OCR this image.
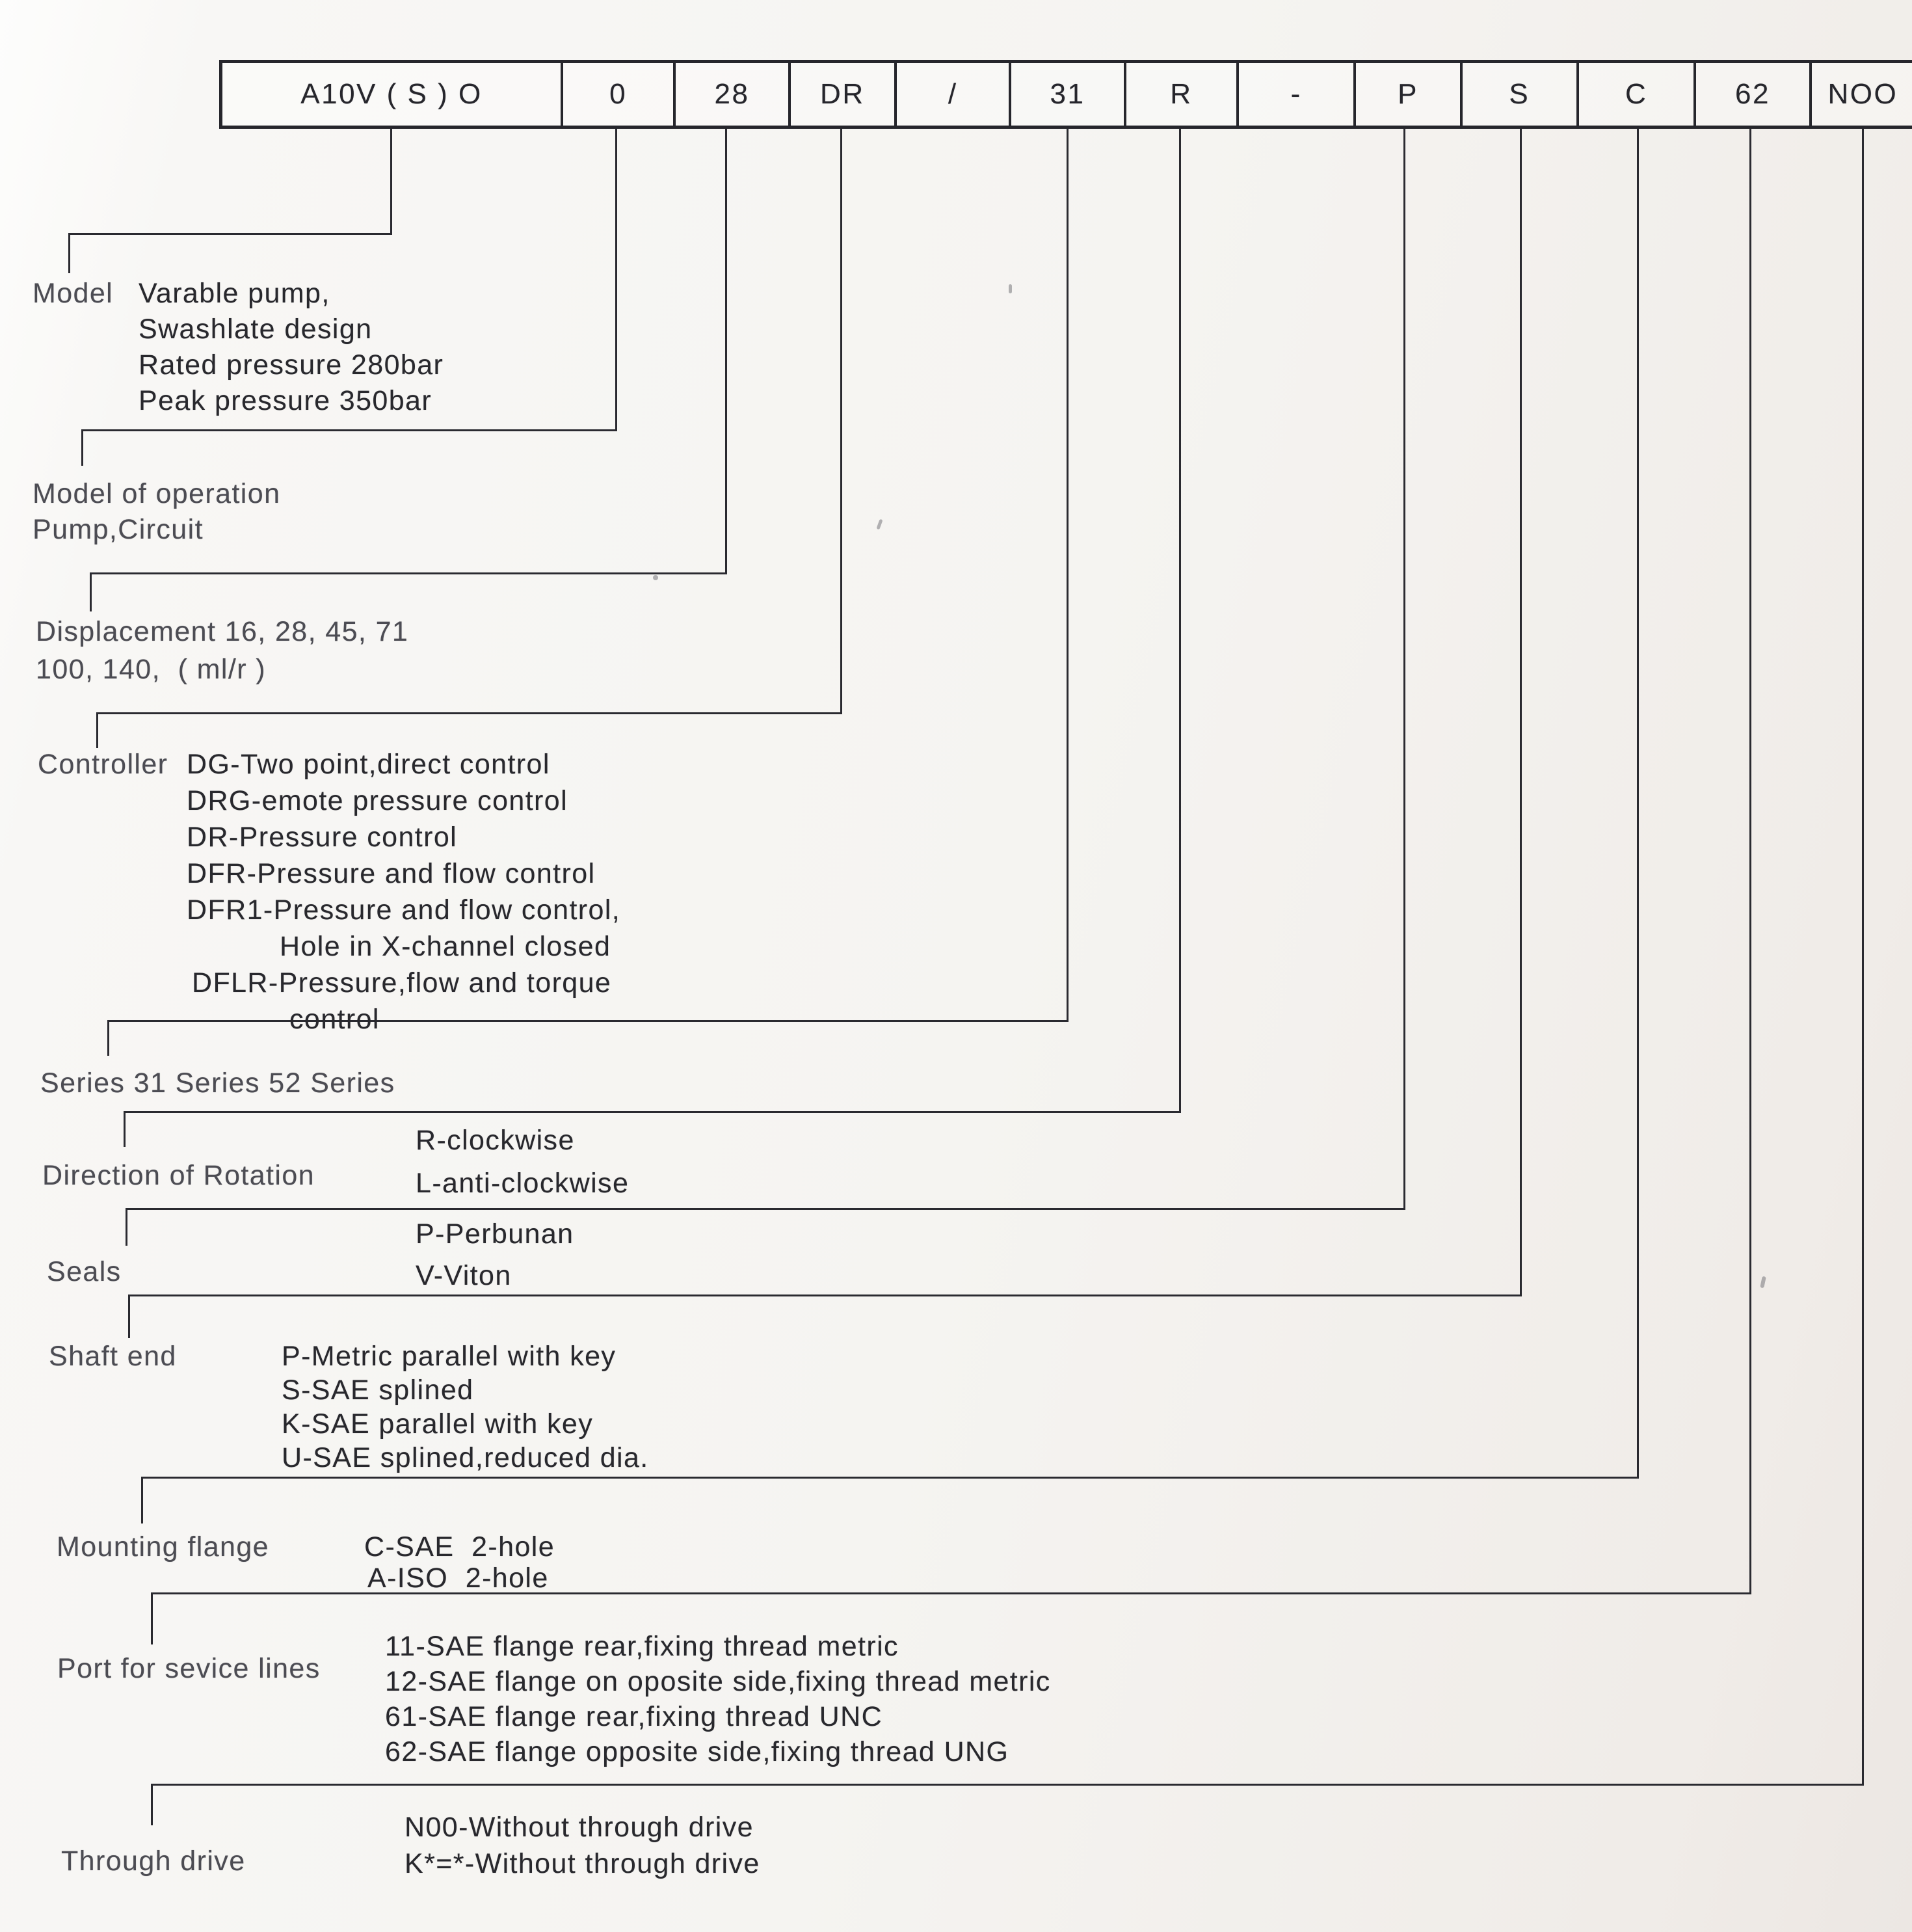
A10V ( S ) O	0	28	DR	/	31	R	-	P	S	C	62	NOO
Model Varable pump,
Swashlate design
Rated pressure 280bar
Peak pressure 350bar
Model of operation
Pump,Circuit
Displacement 16, 28, 45, 71
100, 140,  ( ml/r )
Controller DG-Two point,direct control
DRG-emote pressure control
DR-Pressure control
DFR-Pressure and flow control
DFR1-Pressure and flow control,
Hole in X-channel closed
DFLR-Pressure,flow and torque
control
Series 31 Series 52 Series
Direction of Rotation
R-clockwise
L-anti-clockwise
Seals
P-Perbunan
V-Viton
Shaft end	P-Metric parallel with key
S-SAE splined
K-SAE parallel with key
U-SAE splined,reduced dia.
Mounting flange	C-SAE  2-hole
A-ISO  2-hole
Port for sevice lines
11-SAE flange rear,fixing thread metric
12-SAE flange on oposite side,fixing thread metric
61-SAE flange rear,fixing thread UNC
62-SAE flange opposite side,fixing thread UNG
Through drive
N00-Without through drive
K*=*-Without through drive
